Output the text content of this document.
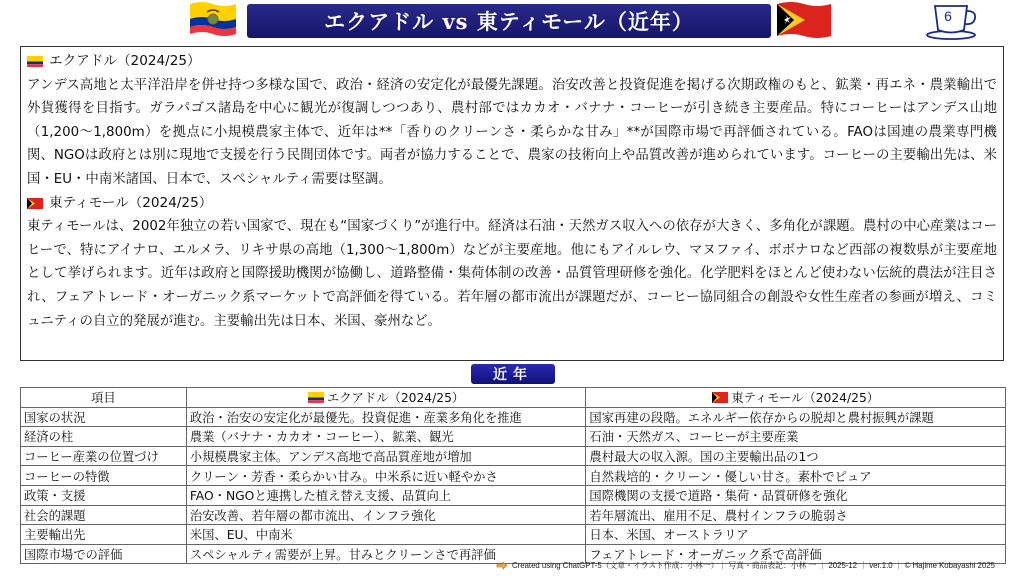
エクアドル vs 東ティモール（近年）	6
エクアドル（2024/25）
アンデス高地と太平洋沿岸を併せ持つ多様な国で、政治・経済の安定化が最優先課題。治安改善と投資促進を掲げる次期政権のもと、鉱業・再エネ・農業輸出で外貨獲得を目指す。ガラパゴス諸島を中心に観光が復調しつつあり、農村部ではカカオ・バナナ・コーヒーが引き続き主要産品。特にコーヒーはアンデス山地（1,200〜1,800m）を拠点に小規模農家主体で、近年は**「香りのクリーンさ・柔らかな甘み」**が国際市場で再評価されている。FAOは国連の農業専門機関、NGOは政府とは別に現地で支援を行う民間団体です。両者が協力することで、農家の技術向上や品質改善が進められています。コーヒーの主要輸出先は、米国・EU・中南米諸国、日本で、スペシャルティ需要は堅調。
東ティモール（2024/25）
東ティモールは、2002年独立の若い国家で、現在も“国家づくり”が進行中。経済は石油・天然ガス収入への依存が大きく、多角化が課題。農村の中心産業はコーヒーで、特にアイナロ、エルメラ、リキサ県の高地（1,300〜1,800m）などが主要産地。他にもアイルレウ、マヌファイ、ボボナロなど西部の複数県が主要産地として挙げられます。近年は政府と国際援助機関が協働し、道路整備・集荷体制の改善・品質管理研修を強化。化学肥料をほとんど使わない伝統的農法が注目され、フェアトレード・オーガニック系マーケットで高評価を得ている。若年層の都市流出が課題だが、コーヒー協同組合の創設や女性生産者の参画が増え、コミュニティの自立的発展が進む。主要輸出先は日本、米国、豪州など。
近年
項目	エクアドル（2024/25）	東ティモール（2024/25）

国家の状況	政治・治安の安定化が最優先。投資促進・産業多角化を推進	国家再建の段階。エネルギー依存からの脱却と農村振興が課題
経済の柱	農業（バナナ・カカオ・コーヒー）、鉱業、観光	石油・天然ガス、コーヒーが主要産業
コーヒー産業の位置づけ	小規模農家主体。アンデス高地で高品質産地が増加	農村最大の収入源。国の主要輸出品の1つ
コーヒーの特徴	クリーン・芳香・柔らかい甘み。中米系に近い軽やかさ	自然栽培的・クリーン・優しい甘さ。素朴でピュア
政策・支援	FAO・NGOと連携した植え替え支援、品質向上	国際機関の支援で道路・集荷・品質研修を強化
社会的課題	治安改善、若年層の都市流出、インフラ強化	若年層流出、雇用不足、農村インフラの脆弱さ
主要輸出先	米国、EU、中南米	日本、米国、オーストラリア
国際市場での評価	スペシャルティ需要が上昇。甘みとクリーンさで再評価	フェアトレード・オーガニック系で高評価
Created using ChatGPT-5（文章・イラスト作成：小林一）｜ 写真・商品表記：小林 一 ｜ 2025-12 ｜ ver.1.0 ｜ © Hajime Kobayashi 2025
